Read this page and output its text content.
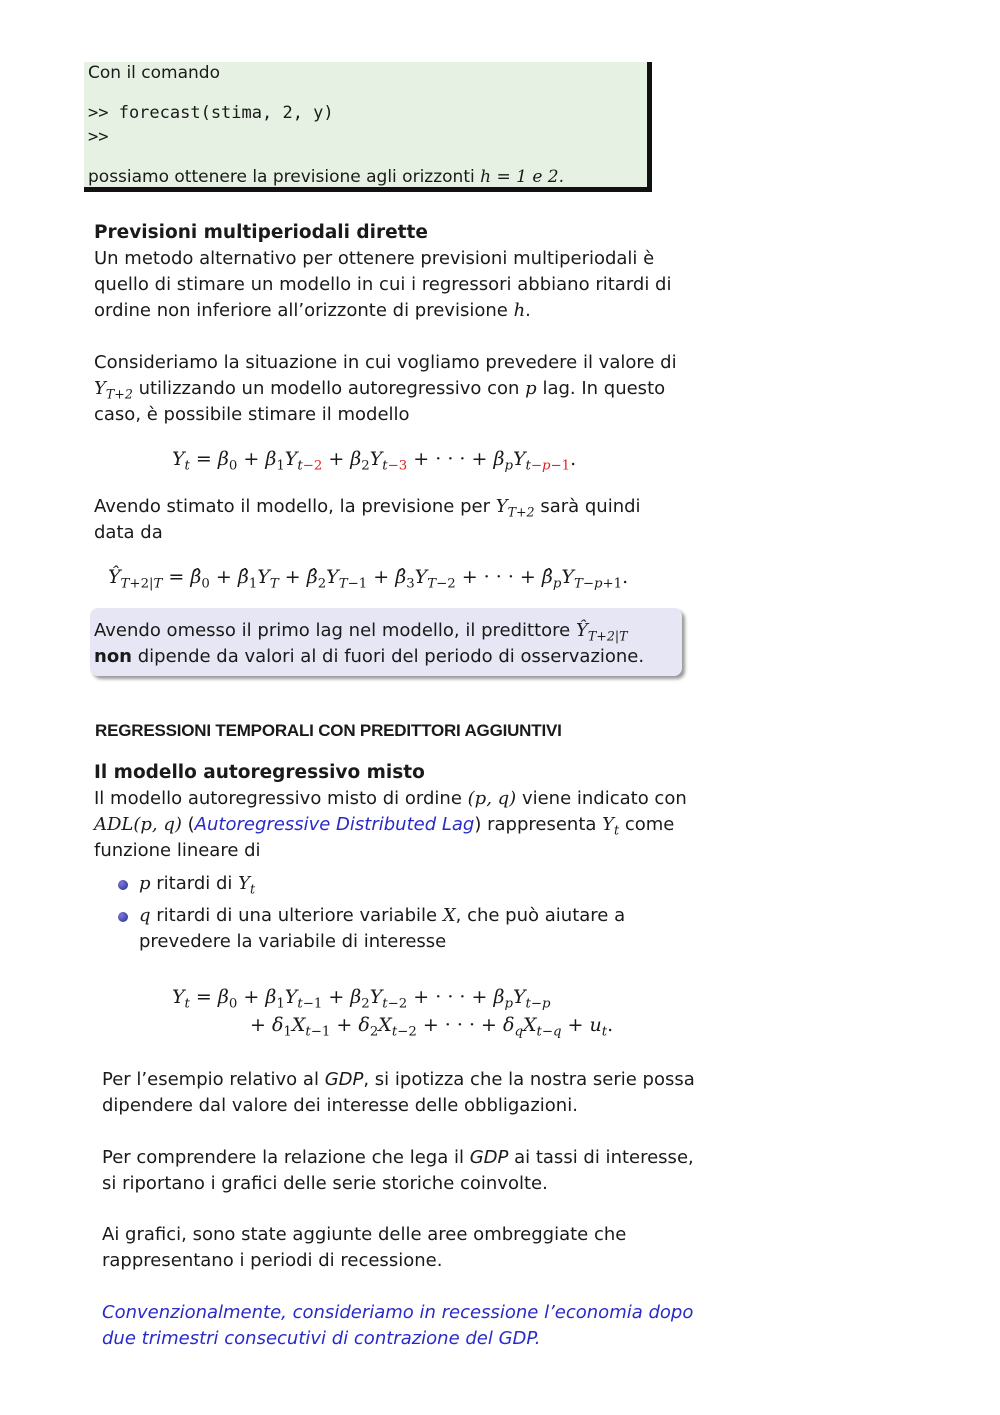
Con il comando
>> forecast(stima, 2, y)
>>
possiamo ottenere la previsione agli orizzonti h = 1 e 2.
Previsioni multiperiodali dirette
Un metodo alternativo per ottenere previsioni multiperiodali è
quello di stimare un modello in cui i regressori abbiano ritardi di
ordine non inferiore all’orizzonte di previsione h.
Consideriamo la situazione in cui vogliamo prevedere il valore di
$Y_{T+2}$ utilizzando un modello autoregressivo con p lag. In questo
caso, è possibile stimare il modello
$Y_t = \beta_0 + \beta_1Y_{t-2} + \beta_2Y_{t-3}$ + · · · + $\beta_pY_{t-p-1}$.
Avendo stimato il modello, la previsione per $Y_{T+2}$ sarà quindi
data da
$Ŷ_{T+2|T}$ = $\betâ_0$ + $\betâ_1Y_T$ + $\betâ_2Y_{T-1}$ + $\betâ_3Y_{T-2}$ + · · · + $\betâ_pY_{T-p+1}$.
Avendo omesso il primo lag nel modello, il predittore $Ŷ_{T+2|T}$
non dipende da valori al di fuori del periodo di osservazione.
REGRESSIONI TEMPORALI CON PREDITTORI AGGIUNTIVI
Il modello autoregressivo misto
Il modello autoregressivo misto di ordine (p, q) viene indicato con
ADL(p, q) (Autoregressive Distributed Lag) rappresenta $Y_t$ come
funzione lineare di
p ritardi di $Y_t$
q ritardi di una ulteriore variabile X, che può aiutare a
prevedere la variabile di interesse
$Y_t = \beta_0 + \beta_1Y_{t-1} + \beta_2Y_{t-2}$ + · · · + $\beta_pY_{t-p}$
+ $\delta_1X_{t-1} + \delta_2X_{t-2}$ + · · · + $\delta_qX_{t-q} + u_t$.
Per l’esempio relativo al GDP, si ipotizza che la nostra serie possa
dipendere dal valore dei interesse delle obbligazioni.
Per comprendere la relazione che lega il GDP ai tassi di interesse,
si riportano i grafici delle serie storiche coinvolte.
Ai grafici, sono state aggiunte delle aree ombreggiate che
rappresentano i periodi di recessione.
Convenzionalmente, consideriamo in recessione l’economia dopo
due trimestri consecutivi di contrazione del GDP.
